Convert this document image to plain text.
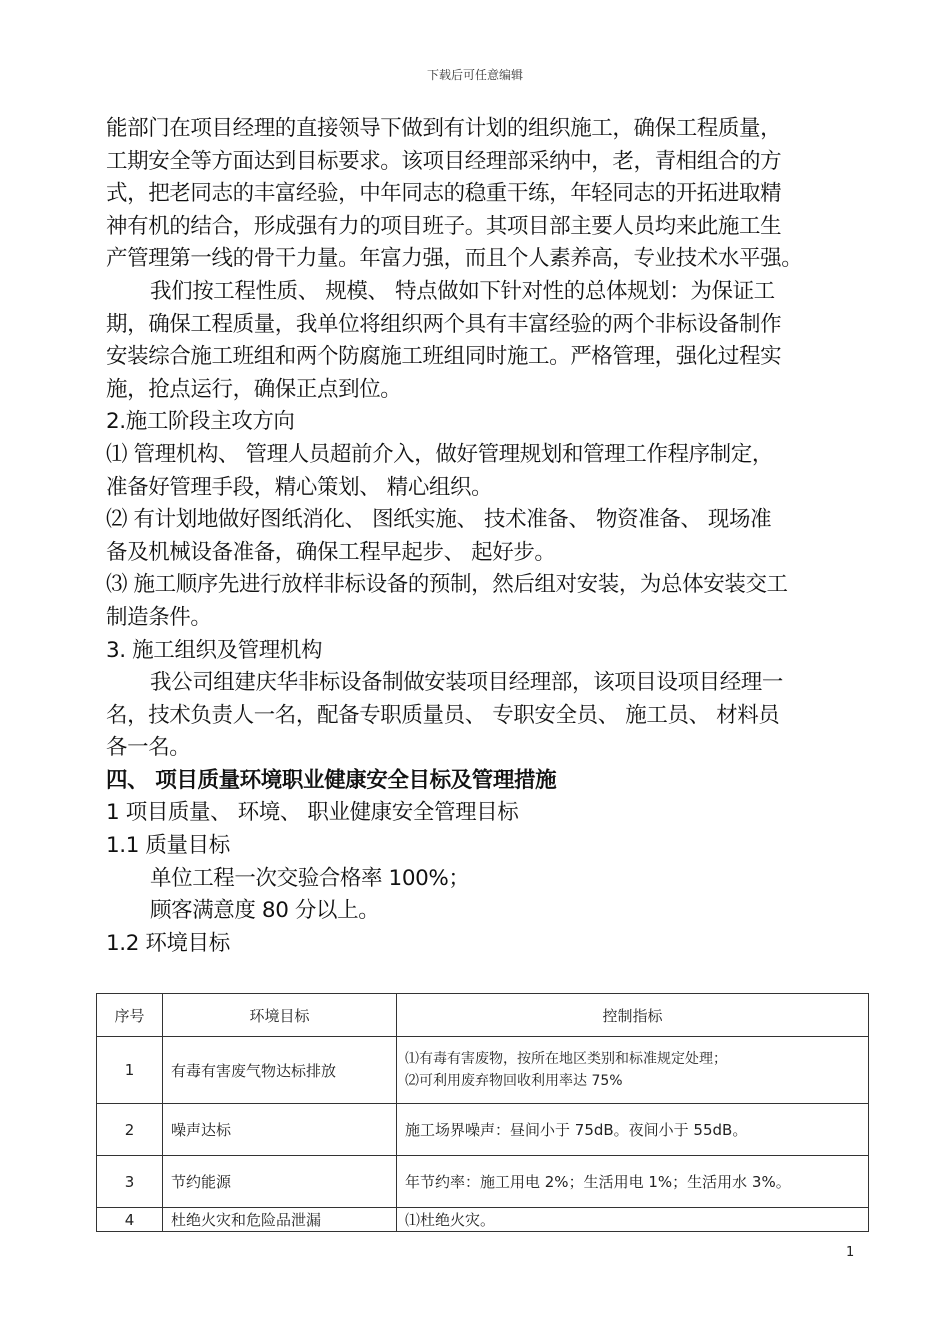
下载后可任意编辑
能部门在项目经理的直接领导下做到有计划的组织施工，确保工程质量，
工期安全等方面达到目标要求。该项目经理部采纳中，老，青相组合的方
式，把老同志的丰富经验，中年同志的稳重干练，年轻同志的开拓进取精
神有机的结合，形成强有力的项目班子。其项目部主要人员均来此施工生
产管理第一线的骨干力量。年富力强，而且个人素养高，专业技术水平强。
我们按工程性质、 规模、 特点做如下针对性的总体规划：为保证工
期，确保工程质量，我单位将组织两个具有丰富经验的两个非标设备制作
安装综合施工班组和两个防腐施工班组同时施工。严格管理，强化过程实
施，抢点运行，确保正点到位。
2.施工阶段主攻方向
⑴ 管理机构、 管理人员超前介入，做好管理规划和管理工作程序制定，
准备好管理手段，精心策划、 精心组织。
⑵ 有计划地做好图纸消化、 图纸实施、 技术准备、 物资准备、 现场准
备及机械设备准备，确保工程早起步、 起好步。
⑶ 施工顺序先进行放样非标设备的预制，然后组对安装，为总体安装交工
制造条件。
3. 施工组织及管理机构
我公司组建庆华非标设备制做安装项目经理部，该项目设项目经理一
名，技术负责人一名，配备专职质量员、 专职安全员、 施工员、 材料员
各一名。
四、 项目质量环境职业健康安全目标及管理措施
1 项目质量、 环境、 职业健康安全管理目标
1.1 质量目标
单位工程一次交验合格率 100%；
顾客满意度 80 分以上。
1.2 环境目标
序号	环境目标	控制指标
1	有毒有害废气物达标排放	⑴有毒有害废物，按所在地区类别和标准规定处理；
⑵可利用废弃物回收利用率达 75%

2	噪声达标	施工场界噪声：昼间小于 75dB。夜间小于 55dB。
3	节约能源	年节约率：施工用电 2%；生活用电 1%；生活用水 3%。
4	杜绝火灾和危险品泄漏	⑴杜绝火灾。
1
